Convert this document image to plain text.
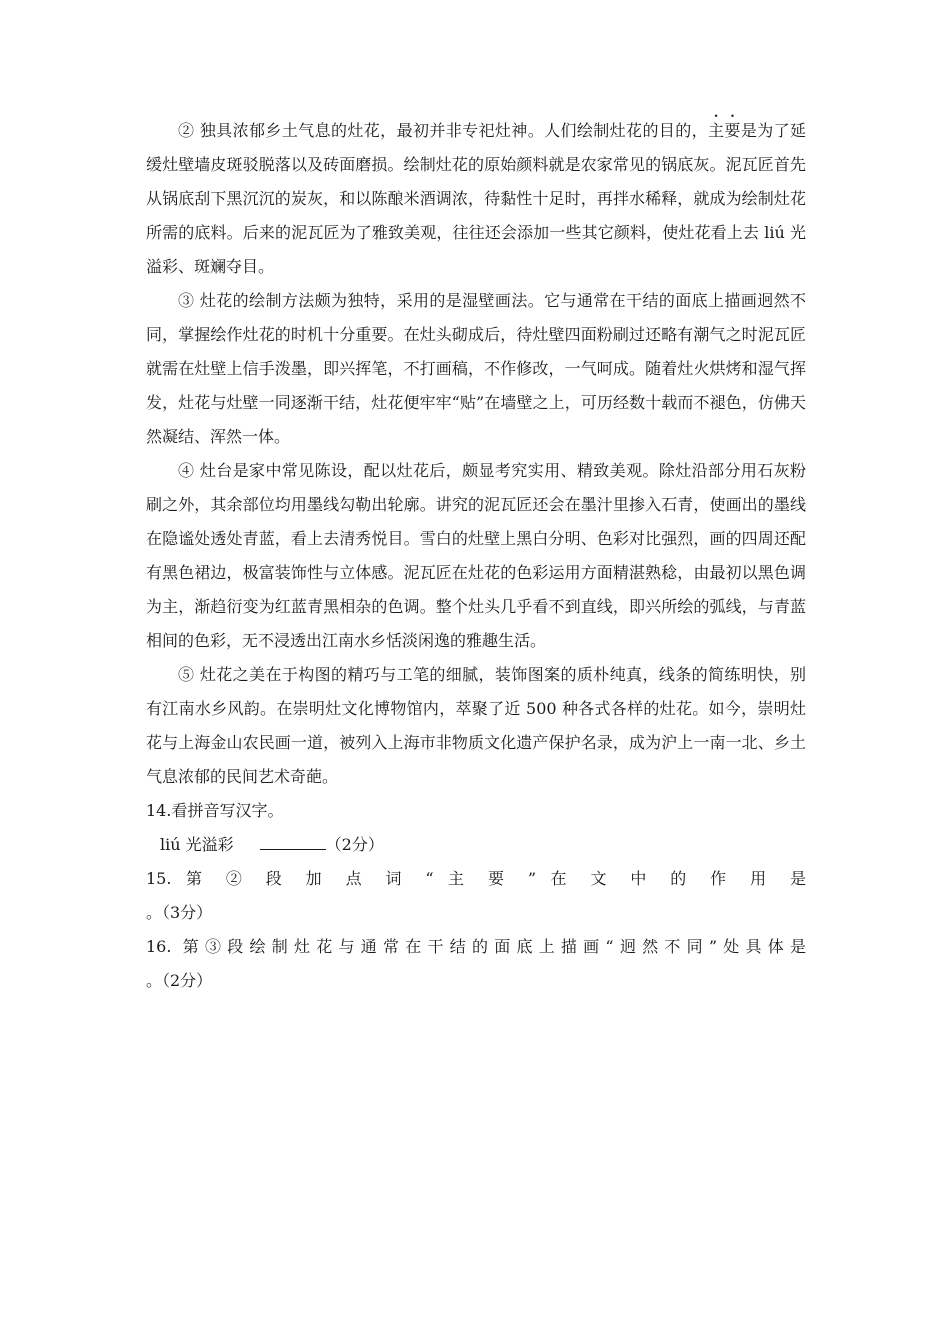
② 独具浓郁乡土气息的灶花，最初并非专祀灶神。人们绘制灶花的目的，主要是为了延缓灶壁墙皮斑驳脱落以及砖面磨损。绘制灶花的原始颜料就是农家常见的锅底灰。泥瓦匠首先从锅底刮下黑沉沉的炭灰，和以陈酿米酒调浓，待黏性十足时，再拌水稀释，就成为绘制灶花所需的底料。后来的泥瓦匠为了雅致美观，往往还会添加一些其它颜料，使灶花看上去 liú 光溢彩、斑斓夺目。

③ 灶花的绘制方法颇为独特，采用的是湿壁画法。它与通常在干结的面底上描画迥然不同，掌握绘作灶花的时机十分重要。在灶头砌成后，待灶壁四面粉刷过还略有潮气之时泥瓦匠就需在灶壁上信手泼墨，即兴挥笔，不打画稿，不作修改，一气呵成。随着灶火烘烤和湿气挥发，灶花与灶壁一同逐渐干结，灶花便牢牢“贴”在墙壁之上，可历经数十载而不褪色，仿佛天然凝结、浑然一体。

④ 灶台是家中常见陈设，配以灶花后，颇显考究实用、精致美观。除灶沿部分用石灰粉刷之外，其余部位均用墨线勾勒出轮廓。讲究的泥瓦匠还会在墨汁里掺入石青，使画出的墨线在隐谧处透处青蓝，看上去清秀悦目。雪白的灶壁上黑白分明、色彩对比强烈，画的四周还配有黑色裙边，极富装饰性与立体感。泥瓦匠在灶花的色彩运用方面精湛熟稔，由最初以黑色调为主，渐趋衍变为红蓝青黑相杂的色调。整个灶头几乎看不到直线，即兴所绘的弧线，与青蓝相间的色彩，无不浸透出江南水乡恬淡闲逸的雅趣生活。

⑤ 灶花之美在于构图的精巧与工笔的细腻，装饰图案的质朴纯真，线条的简练明快，别有江南水乡风韵。在崇明灶文化博物馆内，萃聚了近 500 种各式各样的灶花。如今，崇明灶花与上海金山农民画一道，被列入上海市非物质文化遗产保护名录，成为沪上一南一北、乡土气息浓郁的民间艺术奇葩。

14.看拼音写汉字。

liú 光溢彩	（2分）

15. 第 ② 段 加 点 词 “ 主 要 ” 在 文 中 的 作 用 是

。（3分）

16. 第③段绘制灶花与通常在干结的面底上描画“迥然不同”处具体是

。（2分）
